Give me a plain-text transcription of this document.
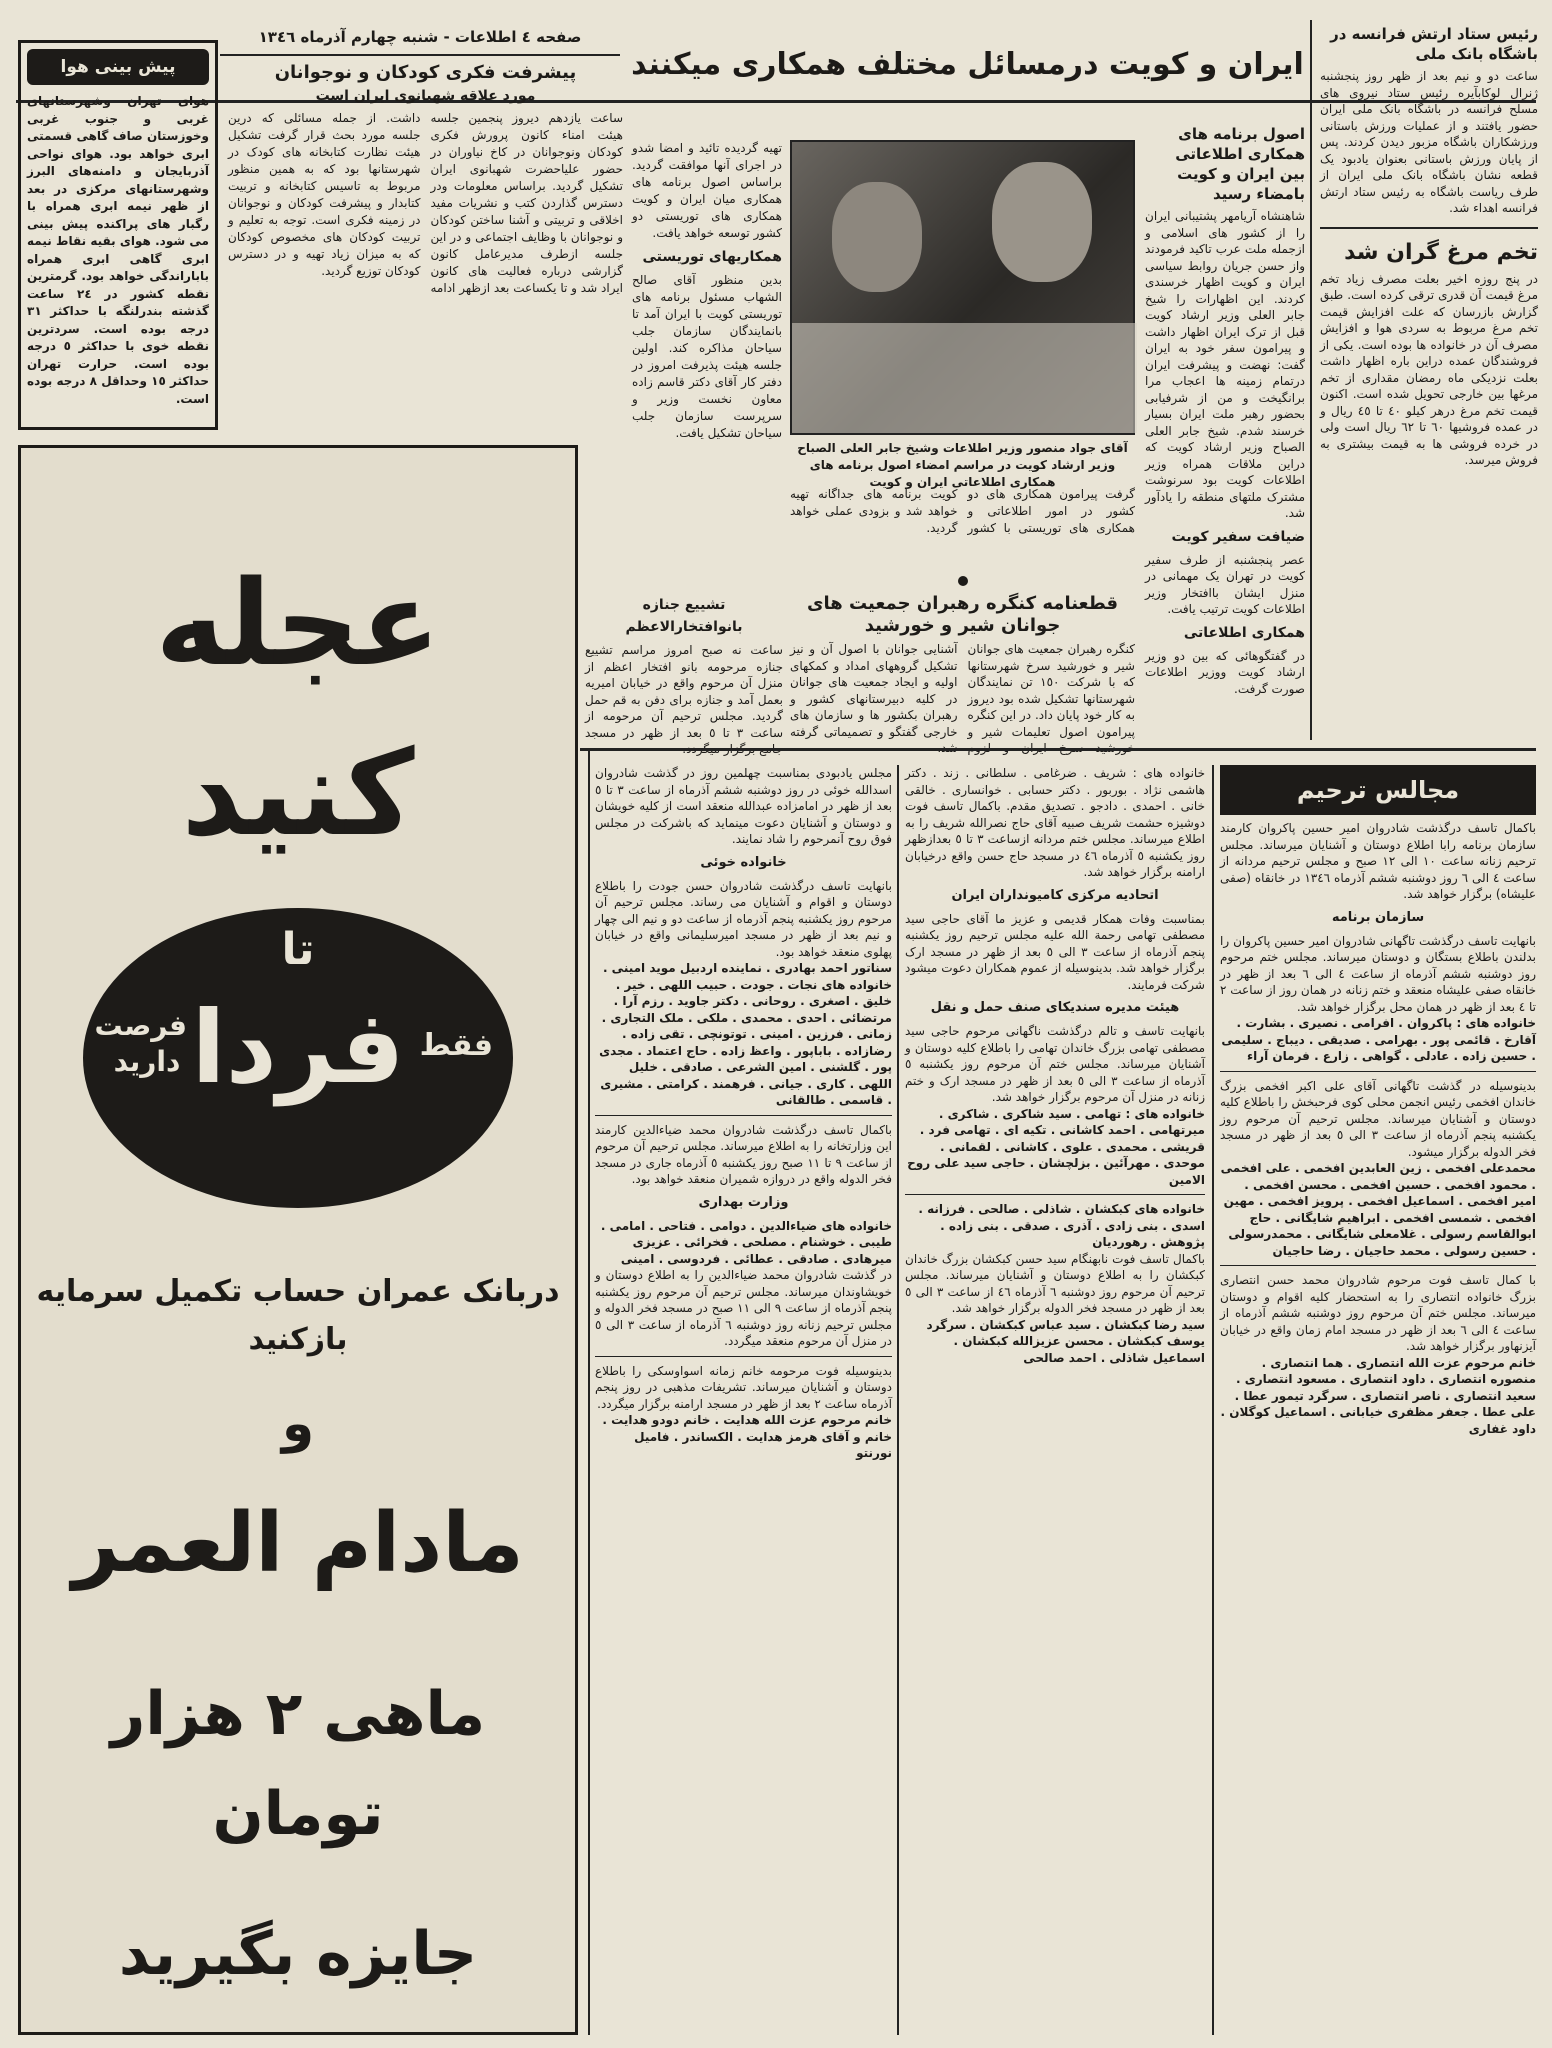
رئیس ستاد ارتش فرانسه در باشگاه بانک ملی
ساعت دو و نیم بعد از ظهر روز پنجشنبه ژنرال لوکابآیره رئیس ستاد نیروی های مسلح فرانسه در باشگاه بانک ملی ایران حضور یافتند و از عملیات ورزش باستانی ورزشکاران باشگاه مزبور دیدن کردند. پس از پایان ورزش باستانی بعنوان یادبود یک قطعه نشان باشگاه بانک ملی ایران از طرف ریاست باشگاه به رئیس ستاد ارتش فرانسه اهداء شد.
تخم مرغ گران شد
در پنج روزه اخیر بعلت مصرف زیاد تخم مرغ قیمت آن قدری ترقی کرده است. طبق گزارش بازرسان که علت افزایش قیمت تخم مرغ مربوط به سردی هوا و افزایش مصرف آن در خانواده ها بوده است. یکی از فروشندگان عمده دراین باره اظهار داشت بعلت نزدیکی ماه رمضان مقداری از تخم مرغها بین خارجی تحویل شده است. اکنون قیمت تخم مرغ درهر کیلو ٤٠ تا ٤٥ ریال و در عمده فروشیها ٦٠ تا ٦٢ ریال است ولی در خرده فروشی ها به قیمت بیشتری به فروش میرسد.
ایران و کویت درمسائل مختلف همکاری میکنند
صفحه ٤ اطلاعات - شنبه چهارم آذرماه ١٣٤٦
پیش بینی هوا
هوای تهران وشهرستانهای غربی و جنوب غربی وخوزستان صاف گاهی قسمتی ابری خواهد بود. هوای نواحی آذربایجان و دامنه‌های البرز وشهرستانهای مرکزی در بعد از ظهر نیمه ابری همراه با رگبار های پراکنده پیش بینی می شود. هوای بقیه نقاط نیمه ابری گاهی ابری همراه باباراندگی خواهد بود. گرمترین نقطه کشور در ٢٤ ساعت گذشته بندرلنگه با حداکثر ٣١ درجه بوده است. سردترین نقطه خوی با حداکثر ٥ درجه بوده است. حرارت تهران حداکثر ١٥ وحداقل ٨ درجه بوده است.
پیشرفت فکری کودکان و نوجوانان
مورد علاقه شهبانوی ایران است
ساعت یازدهم دیروز پنجمین جلسه هیئت امناء کانون پرورش فکری کودکان ونوجوانان در کاخ نیاوران در حضور علیاحضرت شهبانوی ایران تشکیل گردید. براساس معلومات ودر دسترس گذاردن کتب و نشریات مفید اخلاقی و تربیتی و آشنا ساختن کودکان و نوجوانان با وظایف اجتماعی و در این جلسه ازطرف مدیرعامل کانون گزارشی درباره فعالیت های کانون ایراد شد و تا یکساعت بعد ازظهر ادامه داشت. از جمله مسائلی که درین جلسه مورد بحث قرار گرفت تشکیل هیئت نظارت کتابخانه های کودک در شهرستانها بود که به همین منظور مربوط به تاسیس کتابخانه و تربیت کتابدار و پیشرفت کودکان و نوجوانان در زمینه فکری است. توجه به تعلیم و تربیت کودکان های مخصوص کودکان که به میزان زیاد تهیه و در دسترس کودکان توزیع گردید.
تهیه گردیده تائید و امضا شدو در اجرای آنها موافقت گردید. براساس اصول برنامه های همکاری میان ایران و کویت همکاری های توریستی دو کشور توسعه خواهد یافت.
همکاریهای توریستی
بدین منظور آقای صالح الشهاب مسئول برنامه های توریستی کویت با ایران آمد تا بانمایندگان سازمان جلب سیاحان مذاکره کند. اولین جلسه هیئت پذیرفت امروز در دفتر کار آقای دکتر قاسم زاده معاون نخست وزیر و سرپرست سازمان جلب سیاحان تشکیل یافت.
آقای جواد منصور وزیر اطلاعات وشیخ جابر العلی الصباح وزیر ارشاد کویت در مراسم امضاء اصول برنامه های همکاری اطلاعاتی ایران و کویت
گرفت پیرامون همکاری های دو کشور در امور اطلاعاتی و همکاری های توریستی با کشور کویت برنامه های جداگانه تهیه خواهد شد و بزودی عملی خواهد گردید.
اصول برنامه های همکاری اطلاعاتی بین ایران و کویت بامضاء رسید
شاهنشاه آریامهر پشتیبانی ایران را از کشور های اسلامی و ازجمله ملت عرب تاکید فرمودند واز حسن جریان روابط سیاسی ایران و کویت اظهار خرسندی کردند. این اظهارات را شیخ جابر العلی وزیر ارشاد کویت قبل از ترک ایران اظهار داشت و پیرامون سفر خود به ایران گفت: نهضت و پیشرفت ایران درتمام زمینه ها اعجاب مرا برانگیخت و من از شرفیابی بحضور رهبر ملت ایران بسیار خرسند شدم. شیخ جابر العلی الصباح وزیر ارشاد کویت که دراین ملاقات همراه وزیر اطلاعات کویت بود سرنوشت مشترک ملتهای منطقه را یادآور شد.
ضیافت سفیر کویت
عصر پنجشنبه از طرف سفیر کویت در تهران یک مهمانی در منزل ایشان باافتخار وزیر اطلاعات کویت ترتیب یافت.
همکاری اطلاعاتی
در گفتگوهائی که بین دو وزیر ارشاد کویت ووزیر اطلاعات صورت گرفت.
قطعنامه کنگره رهبران جمعیت های جوانان شیر و خورشید
کنگره رهبران جمعیت های جوانان شیر و خورشید سرخ شهرستانها که با شرکت ١٥٠ تن نمایندگان شهرستانها تشکیل شده بود دیروز به کار خود پایان داد. در این کنگره پیرامون اصول تعلیمات شیر و آشنایی جوانان با اصول آن و نیز تشکیل گروههای امداد و کمکهای اولیه و ایجاد جمعیت های جوانان در کلیه دبیرستانهای کشور و رهبران بکشور ها و سازمان های خارجی گفتگو و تصمیماتی گرفته
تشییع جنازه بانوافتخارالاعظم
ساعت نه صبح امروز مراسم تشییع جنازه مرحومه بانو افتخار اعظم از منزل آن مرحوم واقع در خیابان امیریه بعمل آمد و جنازه برای دفن به قم حمل گردید. مجلس ترحیم آن مرحومه از ساعت ٣ تا ٥ بعد از ظهر در مسجد
عجله کنید
تا
فردا
فرصت دارید	فقط
دربانک عمران حساب تکمیل سرمایه بازکنید
و
مادام العمر
ماهی ٢ هزار تومان
جایزه بگیرید
مجالس ترحیم
باکمال تاسف درگذشت شادروان امیر حسین پاکروان کارمند سازمان برنامه رابا اطلاع دوستان و آشنایان میرساند. مجلس ترحیم زنانه ساعت ١٠ الی ١٢ صبح و مجلس ترحیم مردانه از ساعت ٤ الی ٦ روز دوشنبه ششم آذرماه ١٣٤٦ در خانقاه (صفی علیشاه) برگزار خواهد شد.
سازمان برنامه
بانهایت تاسف درگذشت تاگهانی شادروان امیر حسین پاکروان را بدلندن باطلاع بستگان و دوستان میرساند. مجلس ختم مرحوم روز دوشنبه ششم آذرماه از ساعت ٤ الی ٦ بعد از ظهر در خانقاه صفی علیشاه منعقد و ختم زنانه در همان روز از ساعت ٢ تا ٤ بعد از ظهر در همان محل برگزار خواهد شد.
خانواده های : پاکروان . افرامی . نصیری . بشارت . آقارخ . قائمی پور . بهرامی . صدیقی . دیباج . سلیمی . حسین زاده . عادلی . گواهی . زارع . فرمان آراء
بدینوسیله در گذشت تاگهانی آقای علی اکبر افخمی بزرگ خاندان افخمی رئیس انجمن محلی کوی فرحبخش را باطلاع کلیه دوستان و آشنایان میرساند. مجلس ترحیم آن مرحوم روز یکشنبه پنجم آذرماه از ساعت ٣ الی ٥ بعد از ظهر در مسجد فخر الدوله برگزار میشود.
محمدعلی افخمی . زین العابدین افخمی . علی افخمی . محمود افخمی . حسین افخمی . محسن افخمی . امیر افخمی . اسماعیل افخمی . پرویز افخمی . مهین افخمی . شمسی افخمی . ابراهیم شایگانی . حاج ابوالقاسم رسولی . غلامعلی شایگانی . محمدرسولی . حسین رسولی . محمد حاجیان . رضا حاجیان
با کمال تاسف فوت مرحوم شادروان محمد حسن انتصاری بزرگ خانواده انتصاری را به استحضار کلیه اقوام و دوستان میرساند. مجلس ختم آن مرحوم روز دوشنبه ششم آذرماه از ساعت ٤ الی ٦ بعد از ظهر در مسجد امام زمان واقع در خیابان آیزنهاور برگزار خواهد شد.
خانم مرحوم عزت الله انتصاری . هما انتصاری . منصوره انتصاری . داود انتصاری . مسعود انتصاری . سعید انتصاری . ناصر انتصاری . سرگرد تیمور عطا . علی عطا . جعفر مظفری خیابانی . اسماعیل کوگلان . داود غفاری
خانواده های : شریف . ضرغامی . سلطانی . زند . دکتر هاشمی نژاد . بوربور . دکتر حسابی . خوانساری . خالقی خانی . احمدی . دادجو . تصدیق مقدم. باکمال تاسف فوت دوشیزه حشمت شریف صبیه آقای حاج نصرالله شریف را به اطلاع میرساند. مجلس ختم مردانه ازساعت ٣ تا ٥ بعدازظهر روز یکشنبه ٥ آذرماه ٤٦ در مسجد حاج حسن واقع درخیابان ارامنه برگزار خواهد شد.
اتحادیه مرکزی کامیونداران ایران
بمناسبت وفات همکار قدیمی و عزیز ما آقای حاجی سید مصطفی تهامی رحمة الله علیه مجلس ترحیم روز یکشنبه پنجم آذرماه از ساعت ٣ الی ٥ بعد از ظهر در مسجد ارک برگزار خواهد شد. بدینوسیله از عموم همکاران دعوت میشود شرکت فرمایند.
هیئت مدیره سندیکای صنف حمل و نقل
بانهایت تاسف و تالم درگذشت ناگهانی مرحوم حاجی سید مصطفی تهامی بزرگ خاندان تهامی را باطلاع کلیه دوستان و آشنایان میرساند. مجلس ختم آن مرحوم روز یکشنبه ٥ آذرماه از ساعت ٣ الی ٥ بعد از ظهر در مسجد ارک و ختم زنانه در منزل آن مرحوم برگزار خواهد شد.
خانواده های : تهامی . سید شاکری . شاکری . میرتهامی . احمد کاشانی . تکیه ای . تهامی فرد . قریشی . محمدی . علوی . کاشانی . لقمانی . موحدی . مهرآئین . بزلچشان . حاجی سید علی روح الامین
خانواده های کبکشان . شاذلی . صالحی . فرزانه . اسدی . بنی زادی . آذری . صدقی . بنی زاده . پژوهش . رهوردیان
باکمال تاسف فوت نابهنگام سید حسن کبکشان بزرگ خاندان کبکشان را به اطلاع دوستان و آشنایان میرساند. مجلس ترحیم آن مرحوم روز دوشنبه ٦ آذرماه ٤٦ از ساعت ٣ الی ٥ بعد از ظهر در مسجد فخر الدوله برگزار خواهد شد.
سید رضا کبکشان . سید عباس کبکشان . سرگرد یوسف کبکشان . محسن عزیزالله کبکشان . اسماعیل شاذلی . احمد صالحی
مجلس یادبودی بمناسبت چهلمین روز در گذشت شادروان اسدالله خوئی در روز دوشنبه ششم آذرماه از ساعت ٣ تا ٥ بعد از ظهر در امامزاده عبدالله منعقد است از کلیه خویشان و دوستان و آشنایان دعوت مینماید که باشرکت در مجلس فوق روح آنمرحوم را شاد نمایند.
خانواده خوئی
بانهایت تاسف درگذشت شادروان حسن جودت را باطلاع دوستان و اقوام و آشنایان می رساند. مجلس ترحیم آن مرحوم روز یکشنبه پنجم آذرماه از ساعت دو و نیم الی چهار و نیم بعد از ظهر در مسجد امیرسلیمانی واقع در خیابان پهلوی منعقد خواهد بود.
سناتور احمد بهادری . نماینده اردبیل موید امینی . خانواده های نجات . جودت . حبیب اللهی . خیر . خلیق . اصغری . روحانی . دکتر جاوید . رزم آرا . مرتضائی . احدی . محمدی . ملکی . ملک التجاری . زمانی . فرزین . امینی . توتونچی . تقی زاده . رضازاده . باباپور . واعظ زاده . حاج اعتماد . مجدی پور . گلشنی . امین الشرعی . صادقی . خلیل اللهی . کاری . جیانی . فرهمند . کرامتی . مشیری . قاسمی . طالقانی
باکمال تاسف درگذشت شادروان محمد ضیاءالدین کارمند این وزارتخانه را به اطلاع میرساند. مجلس ترحیم آن مرحوم از ساعت ٩ تا ١١ صبح روز یکشنبه ٥ آذرماه جاری در مسجد فخر الدوله واقع در دروازه شمیران منعقد خواهد بود.
وزارت بهداری
خانواده های ضیاءالدین . دوامی . فتاحی . امامی . طیبی . خوشنام . مصلحی . فخرائی . عزیزی میرهادی . صادقی . عطائی . فردوسی . امینی
در گذشت شادروان محمد ضیاءالدین را به اطلاع دوستان و خویشاوندان میرساند. مجلس ترحیم آن مرحوم روز یکشنبه پنجم آذرماه از ساعت ٩ الی ١١ صبح در مسجد فخر الدوله و مجلس ترحیم زنانه روز دوشنبه ٦ آذرماه از ساعت ٣ الی ٥ در منزل آن مرحوم منعقد میگردد.
بدینوسیله فوت مرحومه خانم زمانه اسواوسکی را باطلاع دوستان و آشنایان میرساند. تشریفات مذهبی در روز پنجم آذرماه ساعت ٢ بعد از ظهر در مسجد ارامنه برگزار میگردد.
خانم مرحوم عزت الله هدایت . خانم دودو هدایت . خانم و آقای هرمز هدایت . الکساندر . فامیل نورنتو
